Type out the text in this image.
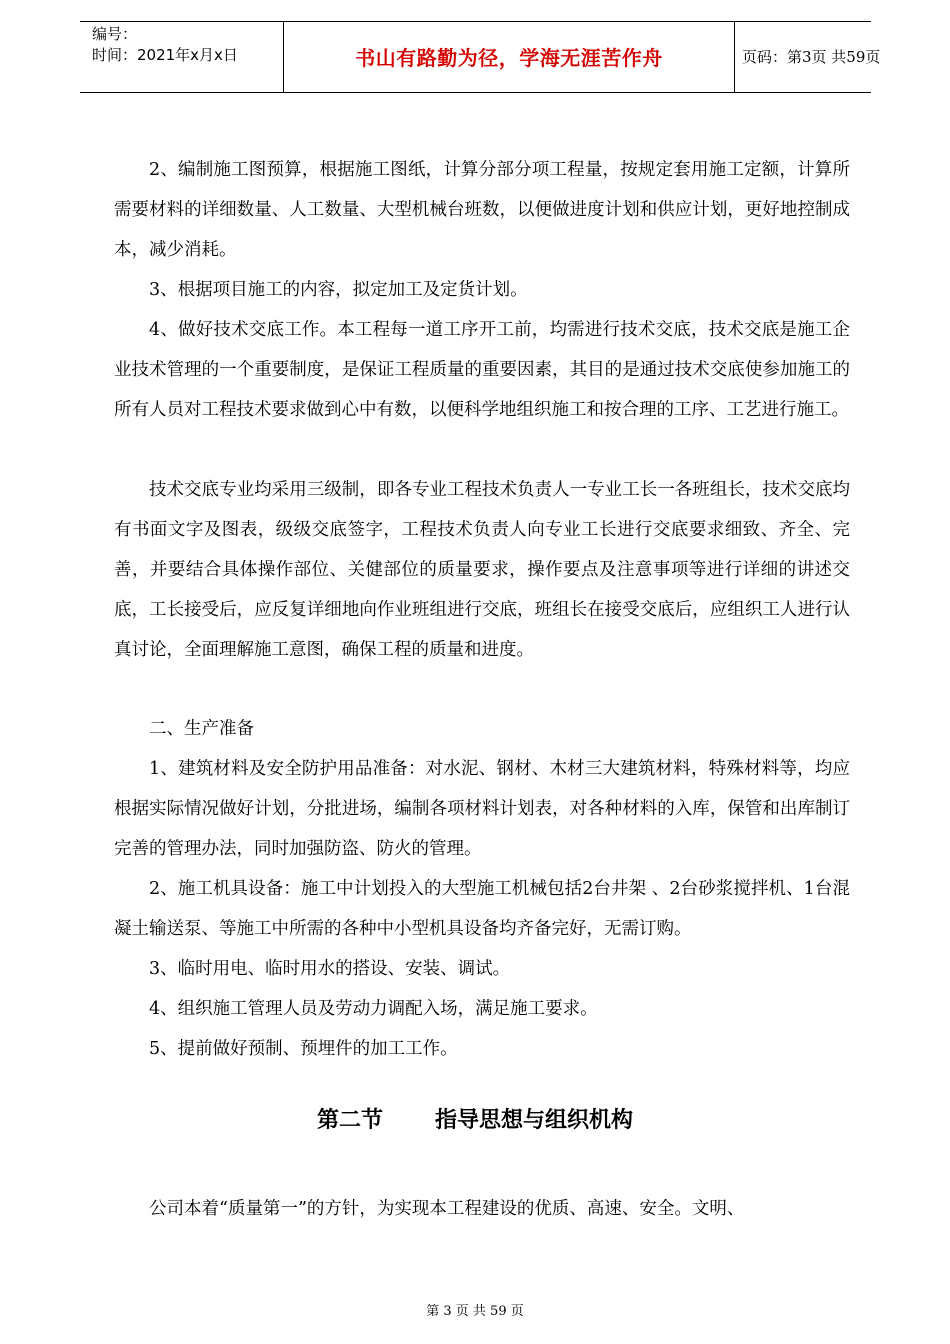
编号：
时间：2021年x月x日	书山有路勤为径，学海无涯苦作舟	页码：第3页 共59页

2、编制施工图预算，根据施工图纸，计算分部分项工程量，按规定套用施工定额，计算所需要材料的详细数量、人工数量、大型机械台班数，以便做进度计划和供应计划，更好地控制成本，减少消耗。

3、根据项目施工的内容，拟定加工及定货计划。

4、做好技术交底工作。本工程每一道工序开工前，均需进行技术交底，技术交底是施工企业技术管理的一个重要制度，是保证工程质量的重要因素，其目的是通过技术交底使参加施工的所有人员对工程技术要求做到心中有数，以便科学地组织施工和按合理的工序、工艺进行施工。

技术交底专业均采用三级制，即各专业工程技术负责人一专业工长一各班组长，技术交底均有书面文字及图表，级级交底签字，工程技术负责人向专业工长进行交底要求细致、齐全、完善，并要结合具体操作部位、关健部位的质量要求，操作要点及注意事项等进行详细的讲述交底，工长接受后，应反复详细地向作业班组进行交底，班组长在接受交底后，应组织工人进行认真讨论，全面理解施工意图，确保工程的质量和进度。

二、生产准备

1、建筑材料及安全防护用品准备：对水泥、钢材、木材三大建筑材料，特殊材料等，均应根据实际情况做好计划，分批进场，编制各项材料计划表，对各种材料的入库，保管和出库制订完善的管理办法，同时加强防盗、防火的管理。

2、施工机具设备：施工中计划投入的大型施工机械包括2台井架 、2台砂浆搅拌机、1台混凝土输送泵、等施工中所需的各种中小型机具设备均齐备完好，无需订购。

3、临时用电、临时用水的搭设、安装、调试。

4、组织施工管理人员及劳动力调配入场，满足施工要求。

5、提前做好预制、预埋件的加工工作。

第二节 指导思想与组织机构

公司本着“质量第一”的方针，为实现本工程建设的优质、高速、安全。文明、

第 3 页 共 59 页
